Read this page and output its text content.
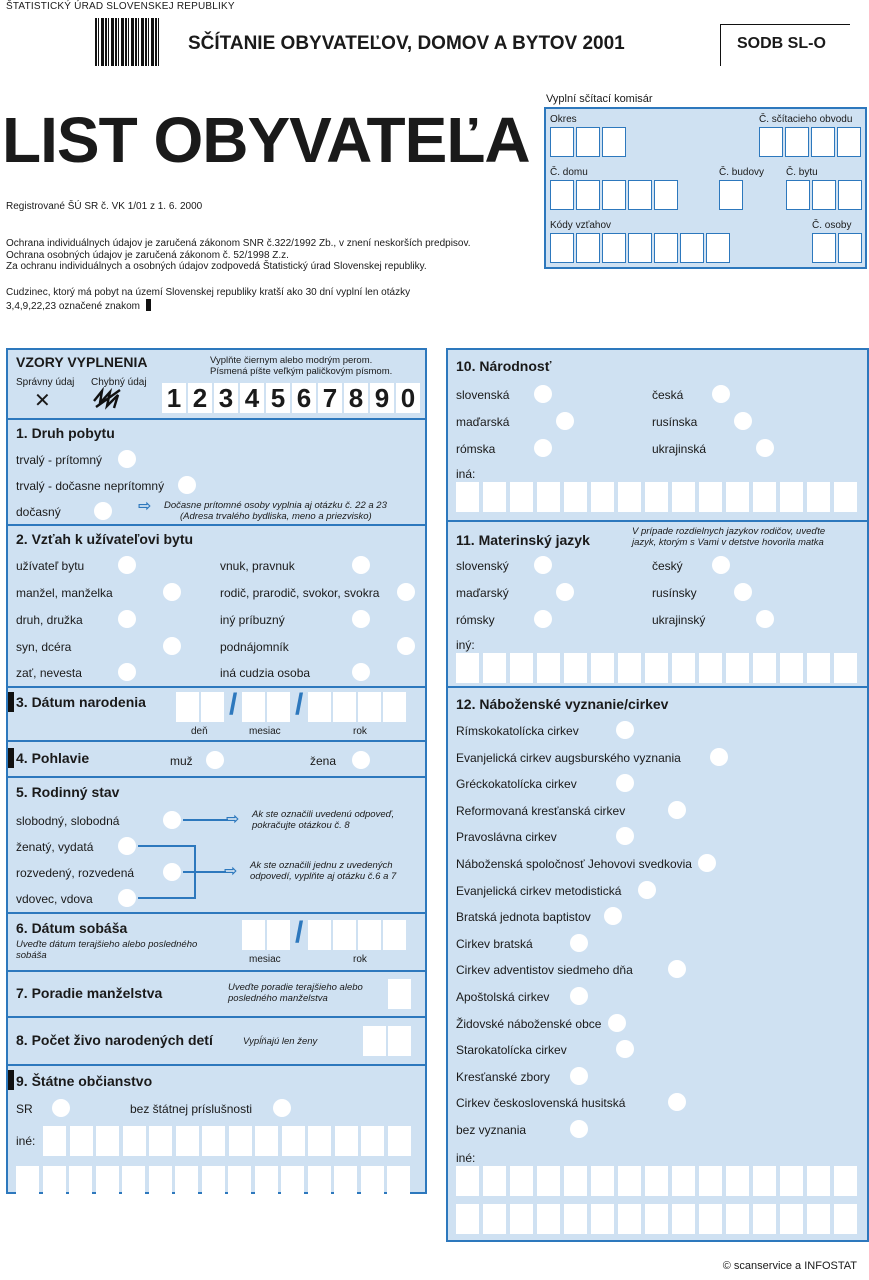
ŠTATISTICKÝ ÚRAD SLOVENSKEJ REPUBLIKY
SČÍTANIE OBYVATEĽOV, DOMOV A BYTOV 2001	SODB SL-O
LIST OBYVATEĽA
Registrované ŠÚ SR č. VK 1/01 z 1. 6. 2000
Ochrana individuálnych údajov je zaručená zákonom SNR č.322/1992 Zb., v znení neskorších predpisov.
Ochrana osobných údajov je zaručená zákonom č. 52/1998 Z.z.
Za ochranu individuálnych a osobných údajov zodpovedá Štatistický úrad Slovenskej republiky.
Cudzinec, ktorý má pobyt na území Slovenskej republiky kratší ako 30 dní vyplní len otázky
3,4,9,22,23 označené znakom
Vyplní sčítací komisár
Okres	Č. sčítacieho obvodu
Č. domu	Č. budovy Č. bytu
Kódy vzťahov	Č. osoby
VZORY VYPLNENIA	Vyplňte čiernym alebo modrým perom.
Písmená píšte veľkým paličkovým písmom.
Správny údaj Chybný údaj
✕	1 2 3 4 5 6 7 8 9 0
1. Druh pobytu
trvalý - prítomný
trvalý - dočasne neprítomný
dočasný	⇨ Dočasne prítomné osoby vyplnia aj otázku č. 22 a 23
(Adresa trvalého bydliska, meno a priezvisko)
2. Vzťah k užívateľovi bytu
užívateľ bytu
manžel, manželka
druh, družka
syn, dcéra
zať, nevesta
vnuk, pravnuk
rodič, prarodič, svokor, svokra
iný príbuzný
podnájomník
iná cudzia osoba
3. Dátum narodenia	/ /
deň	mesiac	rok
4. Pohlavie	muž	žena
5. Rodinný stav
slobodný, slobodná
ženatý, vydatá
rozvedený, rozvedená
vdovec, vdova
⇨ Ak ste označili uvedenú odpoveď,
pokračujte otázkou č. 8
⇨ Ak ste označili jednu z uvedených
odpovedí, vyplňte aj otázku č.6 a 7
6. Dátum sobáša
Uveďte dátum terajšieho alebo posledného
sobáša
/
mesiac	rok
7. Poradie manželstva	Uveďte poradie terajšieho alebo
posledného manželstva
8. Počet živo narodených detí	Vypĺňajú len ženy
9. Štátne občianstvo
SR	bez štátnej príslušnosti
iné:
10. Národnosť
slovenská
maďarská
rómska
česká
rusínska
ukrajinská
iná:
11. Materinský jazyk
V prípade rozdielnych jazykov rodičov, uveďte
jazyk, ktorým s Vami v detstve hovorila matka
slovenský
maďarský
rómsky
český
rusínsky
ukrajinský
iný:
12. Náboženské vyznanie/cirkev
Rímskokatolícka cirkev
Evanjelická cirkev augsburského vyznania
Gréckokatolícka cirkev
Reformovaná kresťanská cirkev
Pravoslávna cirkev
Náboženská spoločnosť Jehovovi svedkovia
Evanjelická cirkev metodistická
Bratská jednota baptistov
Cirkev bratská
Cirkev adventistov siedmeho dňa
Apoštolská cirkev
Židovské náboženské obce
Starokatolícka cirkev
Kresťanské zbory
Cirkev československá husitská
bez vyznania
iné:
© scanservice a INFOSTAT
